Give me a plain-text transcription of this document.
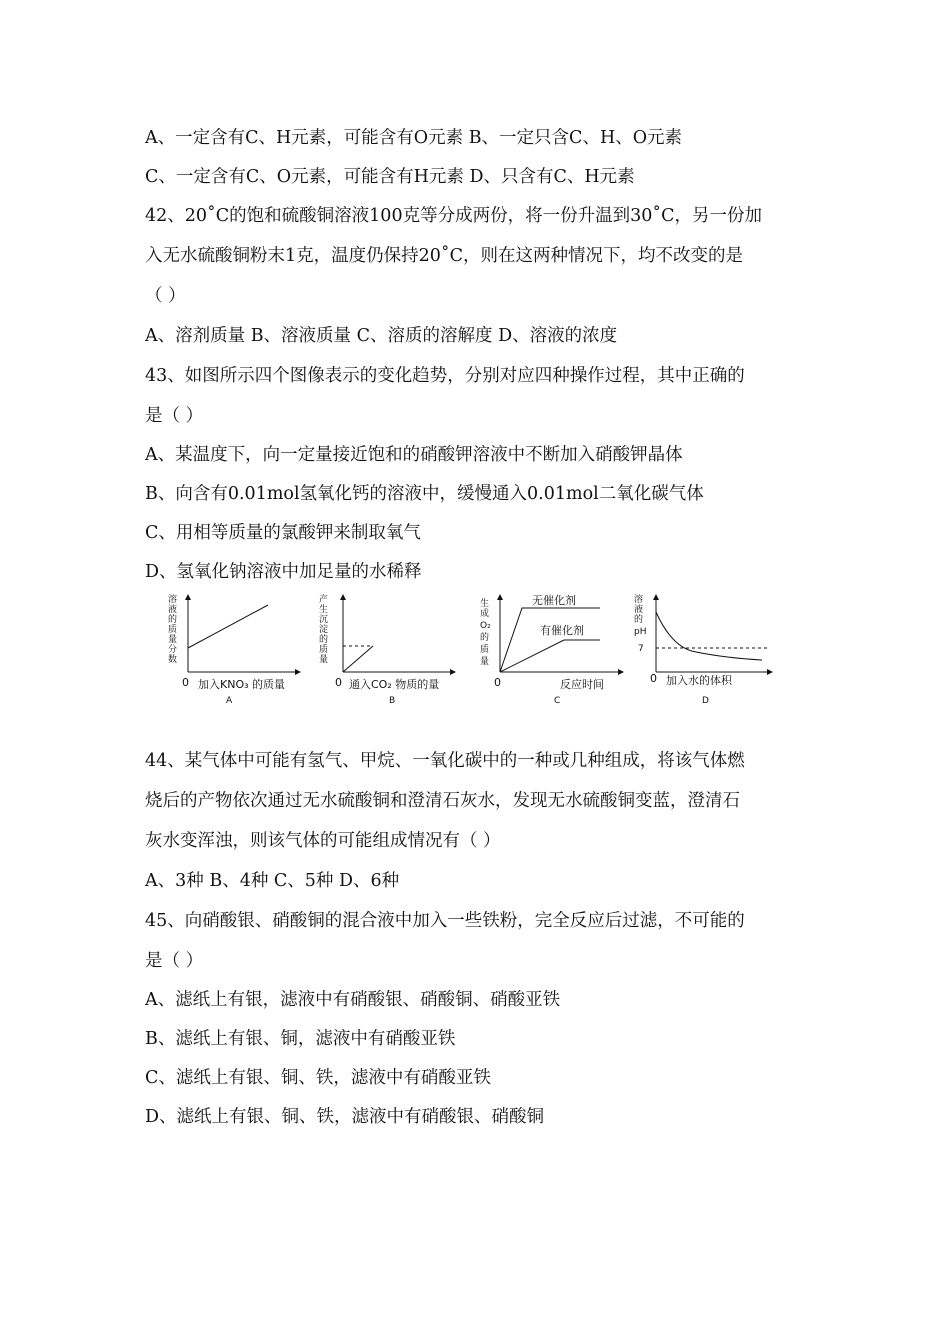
A、一定含有C、H元素，可能含有O元素 B、一定只含C、H、O元素
C、一定含有C、O元素，可能含有H元素 D、只含有C、H元素
42、20˚C的饱和硫酸铜溶液100克等分成两份，将一份升温到30˚C，另一份加
入无水硫酸铜粉末1克，温度仍保持20˚C，则在这两种情况下，均不改变的是
（ ）
A、溶剂质量 B、溶液质量 C、溶质的溶解度 D、溶液的浓度
43、如图所示四个图像表示的变化趋势，分别对应四种操作过程，其中正确的
是（ ）
A、某温度下，向一定量接近饱和的硝酸钾溶液中不断加入硝酸钾晶体
B、向含有0.01mol氢氧化钙的溶液中，缓慢通入0.01mol二氧化碳气体
C、用相等质量的氯酸钾来制取氧气
D、氢氧化钠溶液中加足量的水稀释
溶
液
的
质
量
分
数
0 加入KNO₃ 的质量
A
产
生
沉
淀
的
质
量
0 通入CO₂ 物质的量
B
生
成
O₂
的
质
量
无催化剂
有催化剂
0	反应时间
C
溶
液
的
pH
7
0 加入水的体积
D
44、某气体中可能有氢气、甲烷、一氧化碳中的一种或几种组成，将该气体燃
烧后的产物依次通过无水硫酸铜和澄清石灰水，发现无水硫酸铜变蓝，澄清石
灰水变浑浊，则该气体的可能组成情况有（ ）
A、3种 B、4种 C、5种 D、6种
45、向硝酸银、硝酸铜的混合液中加入一些铁粉，完全反应后过滤，不可能的
是（ ）
A、滤纸上有银，滤液中有硝酸银、硝酸铜、硝酸亚铁
B、滤纸上有银、铜，滤液中有硝酸亚铁
C、滤纸上有银、铜、铁，滤液中有硝酸亚铁
D、滤纸上有银、铜、铁，滤液中有硝酸银、硝酸铜
